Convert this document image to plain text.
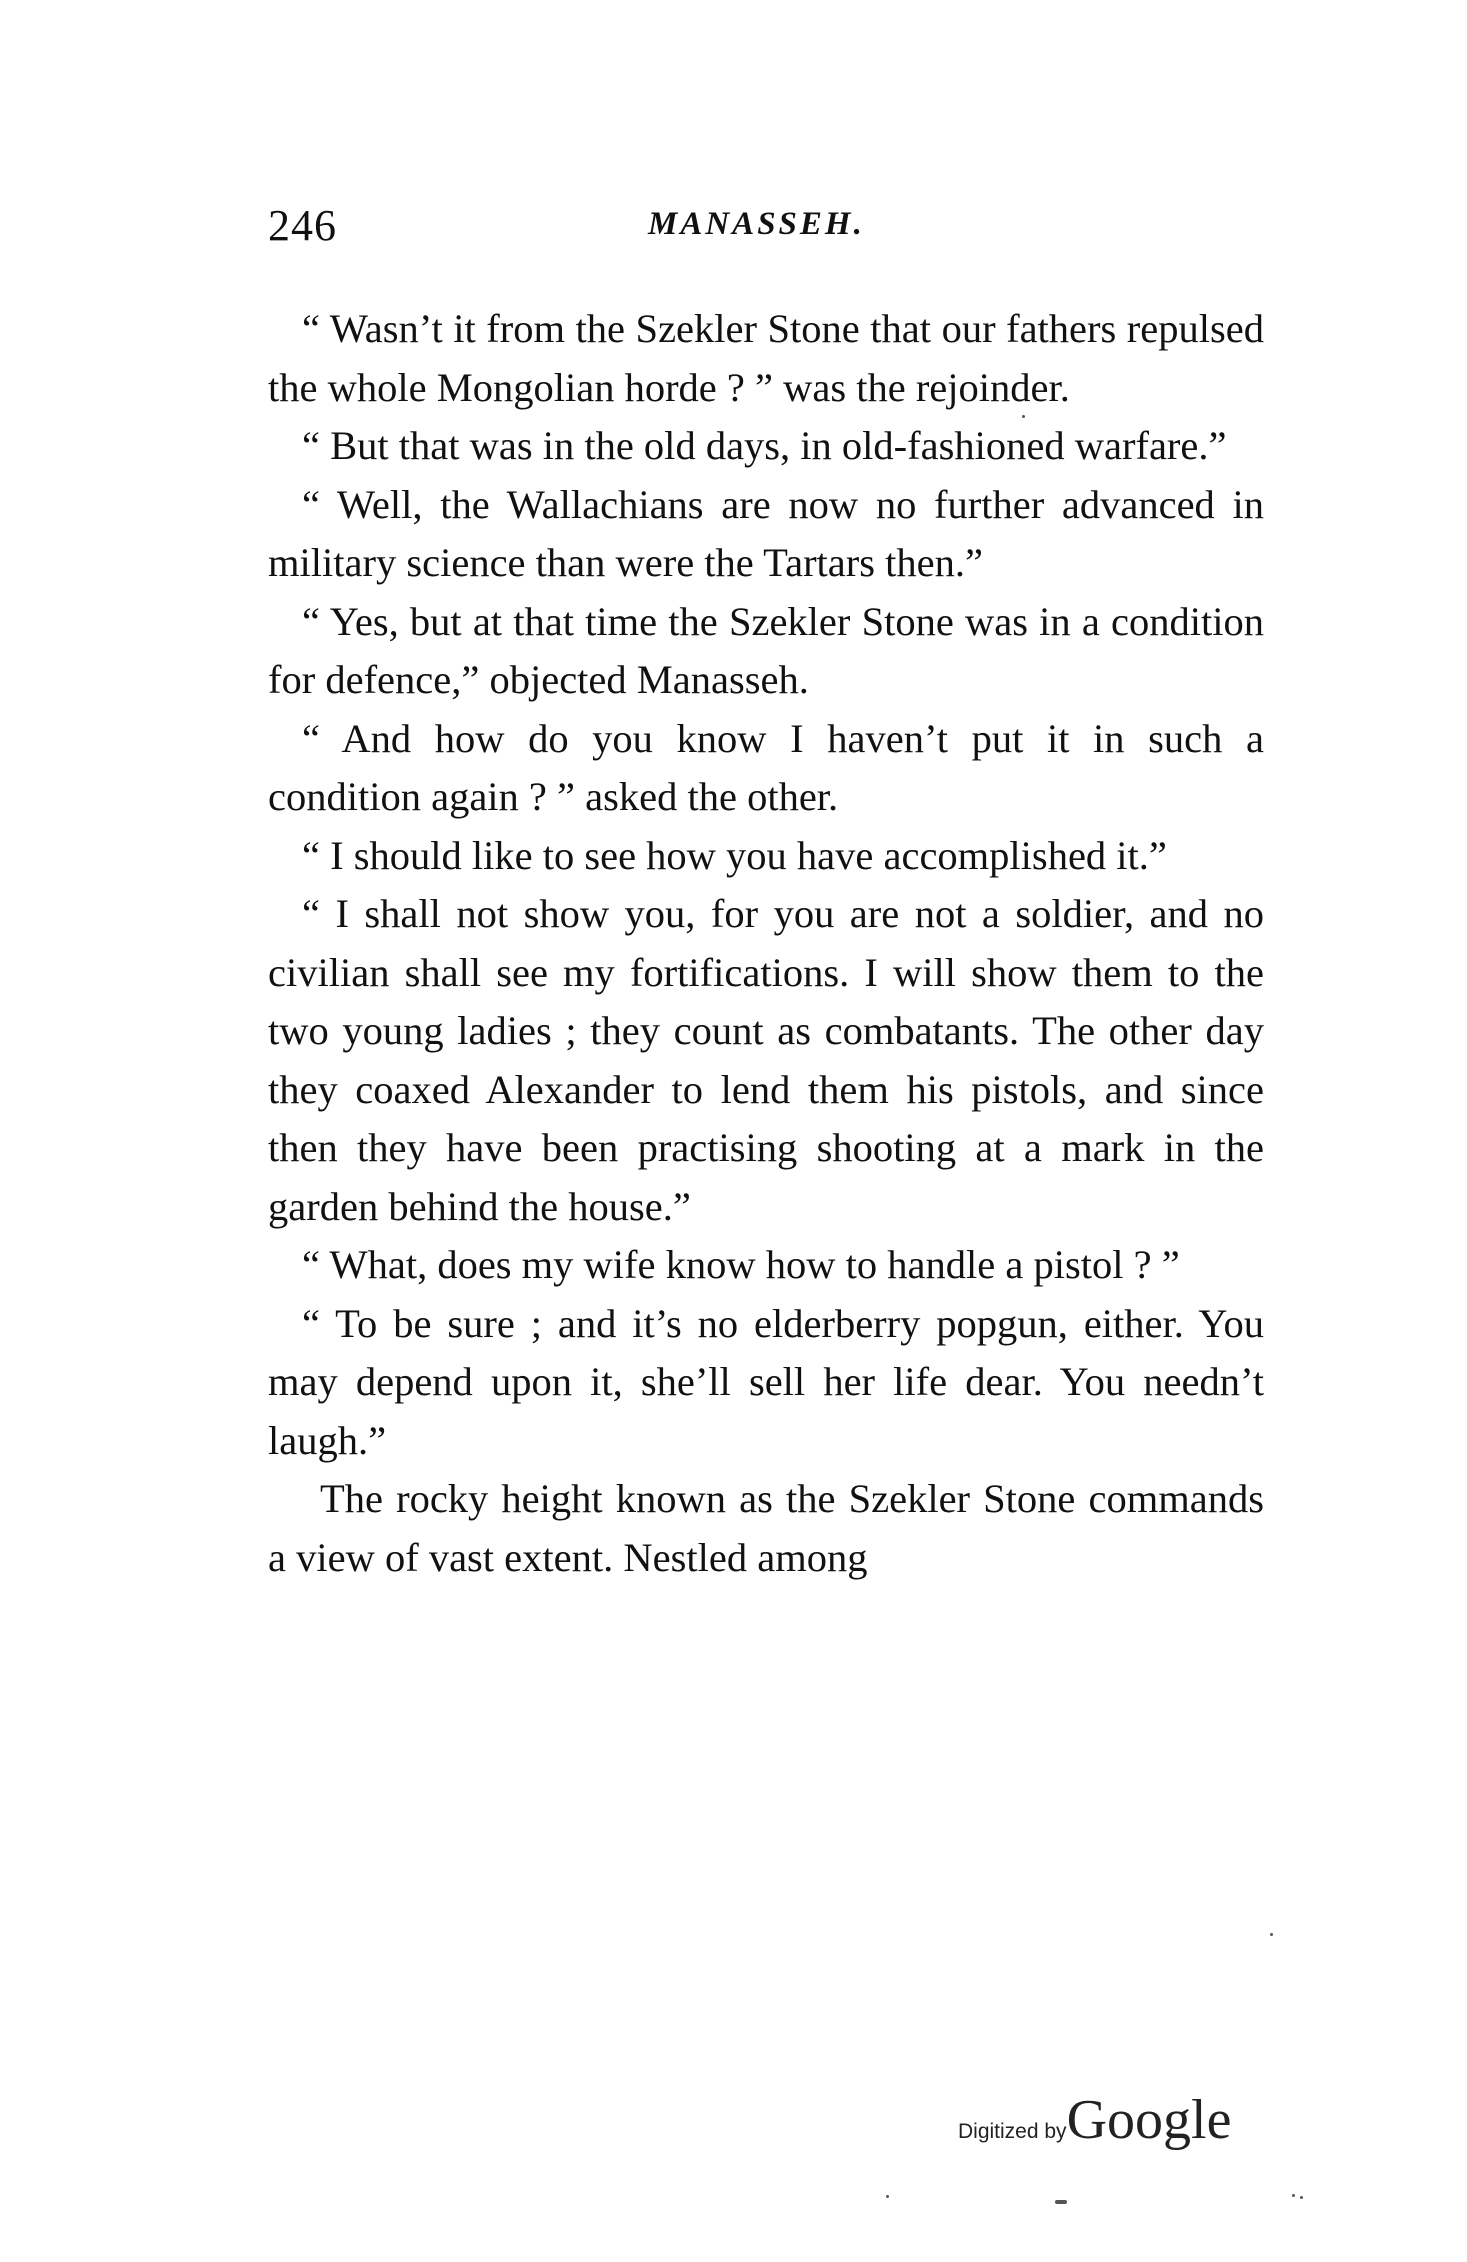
246	MANASSEH.

“ Wasn’t it from the Szekler Stone that our fathers repulsed the whole Mongolian horde ? ” was the rejoinder.

“ But that was in the old days, in old-fashioned warfare.”

“ Well, the Wallachians are now no further advanced in military science than were the Tartars then.”

“ Yes, but at that time the Szekler Stone was in a condition for defence,” objected Manasseh.

“ And how do you know I haven’t put it in such a condition again ? ” asked the other.

“ I should like to see how you have accomplished it.”

“ I shall not show you, for you are not a soldier, and no civilian shall see my fortifications. I will show them to the two young ladies ; they count as combatants. The other day they coaxed Alexander to lend them his pistols, and since then they have been practising shooting at a mark in the garden behind the house.”

“ What, does my wife know how to handle a pistol ? ”

“ To be sure ; and it’s no elderberry popgun, either. You may depend upon it, she’ll sell her life dear. You needn’t laugh.”

The rocky height known as the Szekler Stone commands a view of vast extent. Nestled among

Digitized byGoogle
